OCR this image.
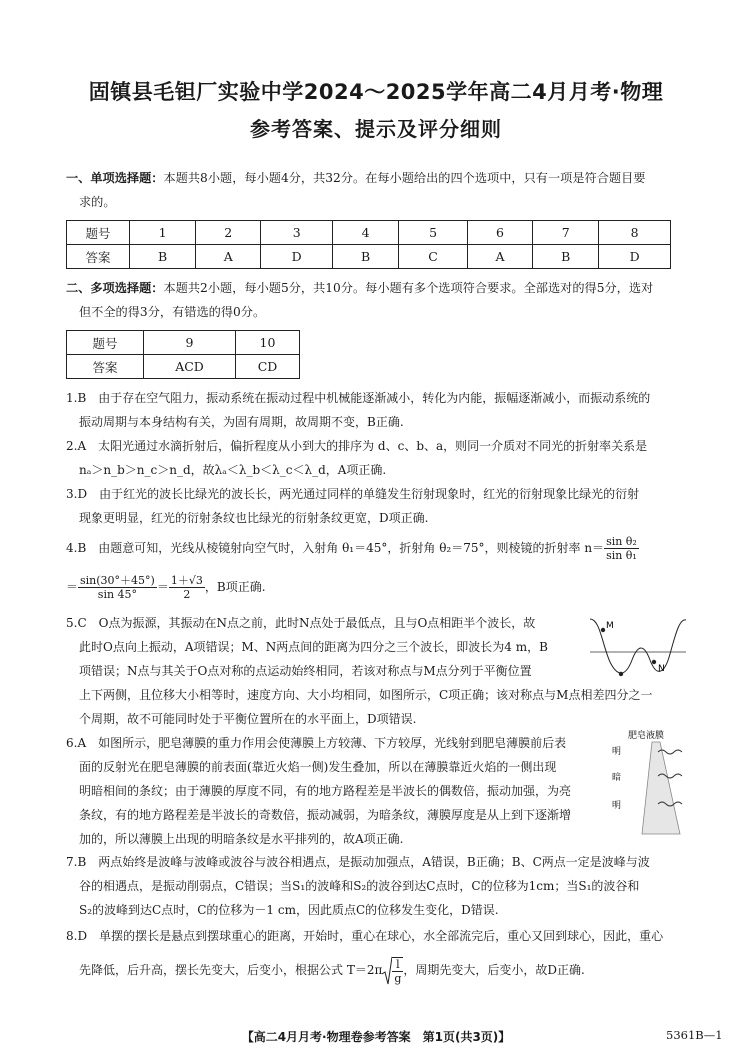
固镇县毛钽厂实验中学2024～2025学年高二4月月考·物理
参考答案、提示及评分细则
一、单项选择题：本题共8小题，每小题4分，共32分。在每小题给出的四个选项中，只有一项是符合题目要
求的。
题号	1	2	3	4	5	6	7	8
答案	B	A	D	B	C	A	B	D
二、多项选择题：本题共2小题，每小题5分，共10分。每小题有多个选项符合要求。全部选对的得5分，选对
但不全的得3分，有错选的得0分。
题号	9	10
答案	ACD	CD
1.B　由于存在空气阻力，振动系统在振动过程中机械能逐渐减小，转化为内能，振幅逐渐减小，而振动系统的
振动周期与本身结构有关，为固有周期，故周期不变，B正确.
2.A　太阳光通过水滴折射后，偏折程度从小到大的排序为 d、c、b、a，则同一介质对不同光的折射率关系是
nₐ＞n_b＞n_c＞n_d，故λₐ＜λ_b＜λ_c＜λ_d，A项正确.
3.D　由于红光的波长比绿光的波长长，两光通过同样的单缝发生衍射现象时，红光的衍射现象比绿光的衍射
现象更明显，红光的衍射条纹也比绿光的衍射条纹更宽，D项正确.
4.B　由题意可知，光线从棱镜射向空气时，入射角 θ₁＝45°，折射角 θ₂＝75°，则棱镜的折射率 $n= \frac{\text{sin θ₂}}{\text{sin θ₁}}$
＝ $\frac{\sin(30^\circ+45^\circ)}{\sin 45^\circ} = \frac{1+√3}{2}$ ，B项正确.
5.C　O点为振源，其振动在N点之前，此时N点处于最低点，且与O点相距半个波长，故
此时O点向上振动，A项错误；M、N两点间的距离为四分之三个波长，即波长为4 m，B
项错误；N点与其关于O点对称的点运动始终相同，若该对称点与M点分列于平衡位置
上下两侧，且位移大小相等时，速度方向、大小均相同，如图所示，C项正确；该对称点与M点相差四分之一
个周期，故不可能同时处于平衡位置所在的水平面上，D项错误.
M
N
6.A　如图所示，肥皂薄膜的重力作用会使薄膜上方较薄、下方较厚，光线射到肥皂薄膜前后表
面的反射光在肥皂薄膜的前表面(靠近火焰一侧)发生叠加，所以在薄膜靠近火焰的一侧出现
明暗相间的条纹；由于薄膜的厚度不同，有的地方路程差是半波长的偶数倍，振动加强，为亮
条纹，有的地方路程差是半波长的奇数倍，振动减弱，为暗条纹，薄膜厚度是从上到下逐渐增
加的，所以薄膜上出现的明暗条纹是水平排列的，故A项正确.
肥皂液膜
明
暗
明
7.B　两点始终是波峰与波峰或波谷与波谷相遇点，是振动加强点，A错误，B正确；B、C两点一定是波峰与波
谷的相遇点，是振动削弱点，C错误；当S₁的波峰和S₂的波谷到达C点时，C的位移为1cm；当S₁的波谷和
S₂的波峰到达C点时，C的位移为－1 cm，因此质点C的位移发生变化，D错误.
8.D　单摆的摆长是悬点到摆球重心的距离，开始时，重心在球心，水全部流完后，重心又回到球心，因此，重心
先降低，后升高，摆长先变大，后变小，根据公式 $T=2\pi \frac{l}{g}$ ，周期先变大，后变小，故D正确.
【高二4月月考·物理卷参考答案　第1页(共3页)】	5361B—1
